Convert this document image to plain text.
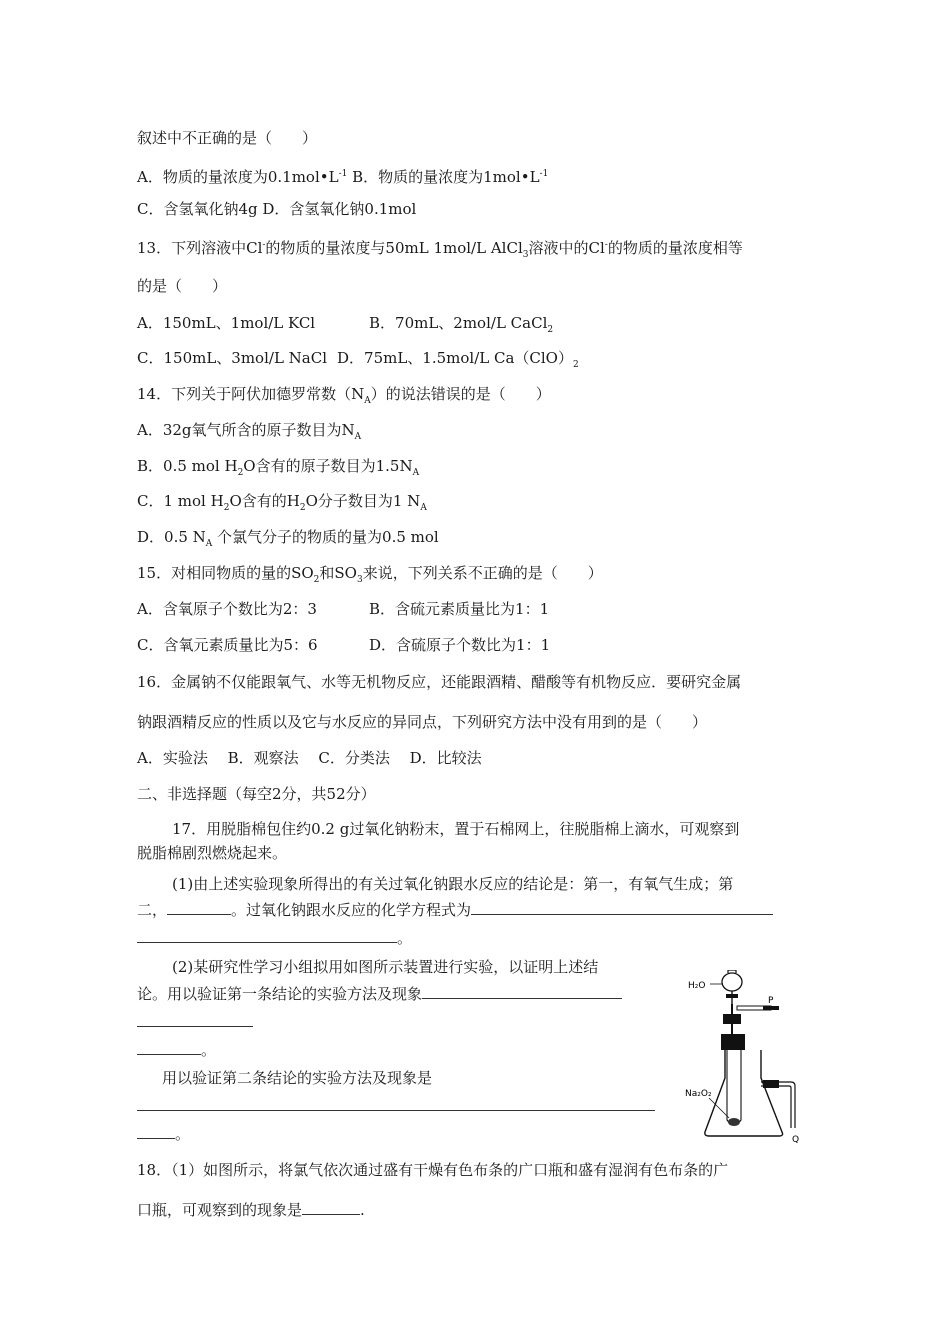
叙述中不正确的是（　　）
A．物质的量浓度为$0.1mol•L^{-1}$ B．物质的量浓度为$1mol•L^{-1}$
C．含氢氧化钠4g D．含氢氧化钠0.1mol
13．下列溶液中Cl-的物质的量浓度与50mL 1mol/L AlCl$_3$溶液中的Cl-的物质的量浓度相等
的是（　　）
A．150mL、1mol/L KCl	B．70mL、2mol/L CaCl$_2$
C．150mL、3mol/L NaCl D．75mL、1.5mol/L $Ca(ClO)_2$
14．下列关于阿伏加德罗常数$(N_A)$的说法错误的是（　　）
A．32g氧气所含的原子数目为$N_A$
B．0.5 mol $H_2O$含有的原子数目为$1.5N_A$
C．1 mol $H_2O$含有的$H_2O$分子数目为1 $N_A$
D．0.5 $N_A$ 个氯气分子的物质的量为0.5 mol
15．对相同物质的量的$SO_2$和$SO_3$来说，下列关系不正确的是（　　）
A．含氧原子个数比为2：3	B．含硫元素质量比为1：1
C．含氧元素质量比为5：6	D．含硫原子个数比为1：1
16．金属钠不仅能跟氧气、水等无机物反应，还能跟酒精、醋酸等有机物反应．要研究金属
钠跟酒精反应的性质以及它与水反应的异同点，下列研究方法中没有用到的是（　　）
A．实验法　 B．观察法　 C．分类法　 D．比较法
二、非选择题（每空2分，共52分）
17．用脱脂棉包住约0.2 g过氧化钠粉末，置于石棉网上，往脱脂棉上滴水，可观察到
脱脂棉剧烈燃烧起来。
(1)由上述实验现象所得出的有关过氧化钠跟水反应的结论是：第一，有氧气生成；第
二，	。过氧化钠跟水反应的化学方程式为
。
(2)某研究性学习小组拟用如图所示装置进行实验，以证明上述结
论。用以验证第一条结论的实验方法及现象
。
用以验证第二条结论的实验方法及现象是
。
H₂O
P
Na₂O₂
Q
18．（1）如图所示，将氯气依次通过盛有干燥有色布条的广口瓶和盛有湿润有色布条的广
口瓶，可观察到的现象是	.
